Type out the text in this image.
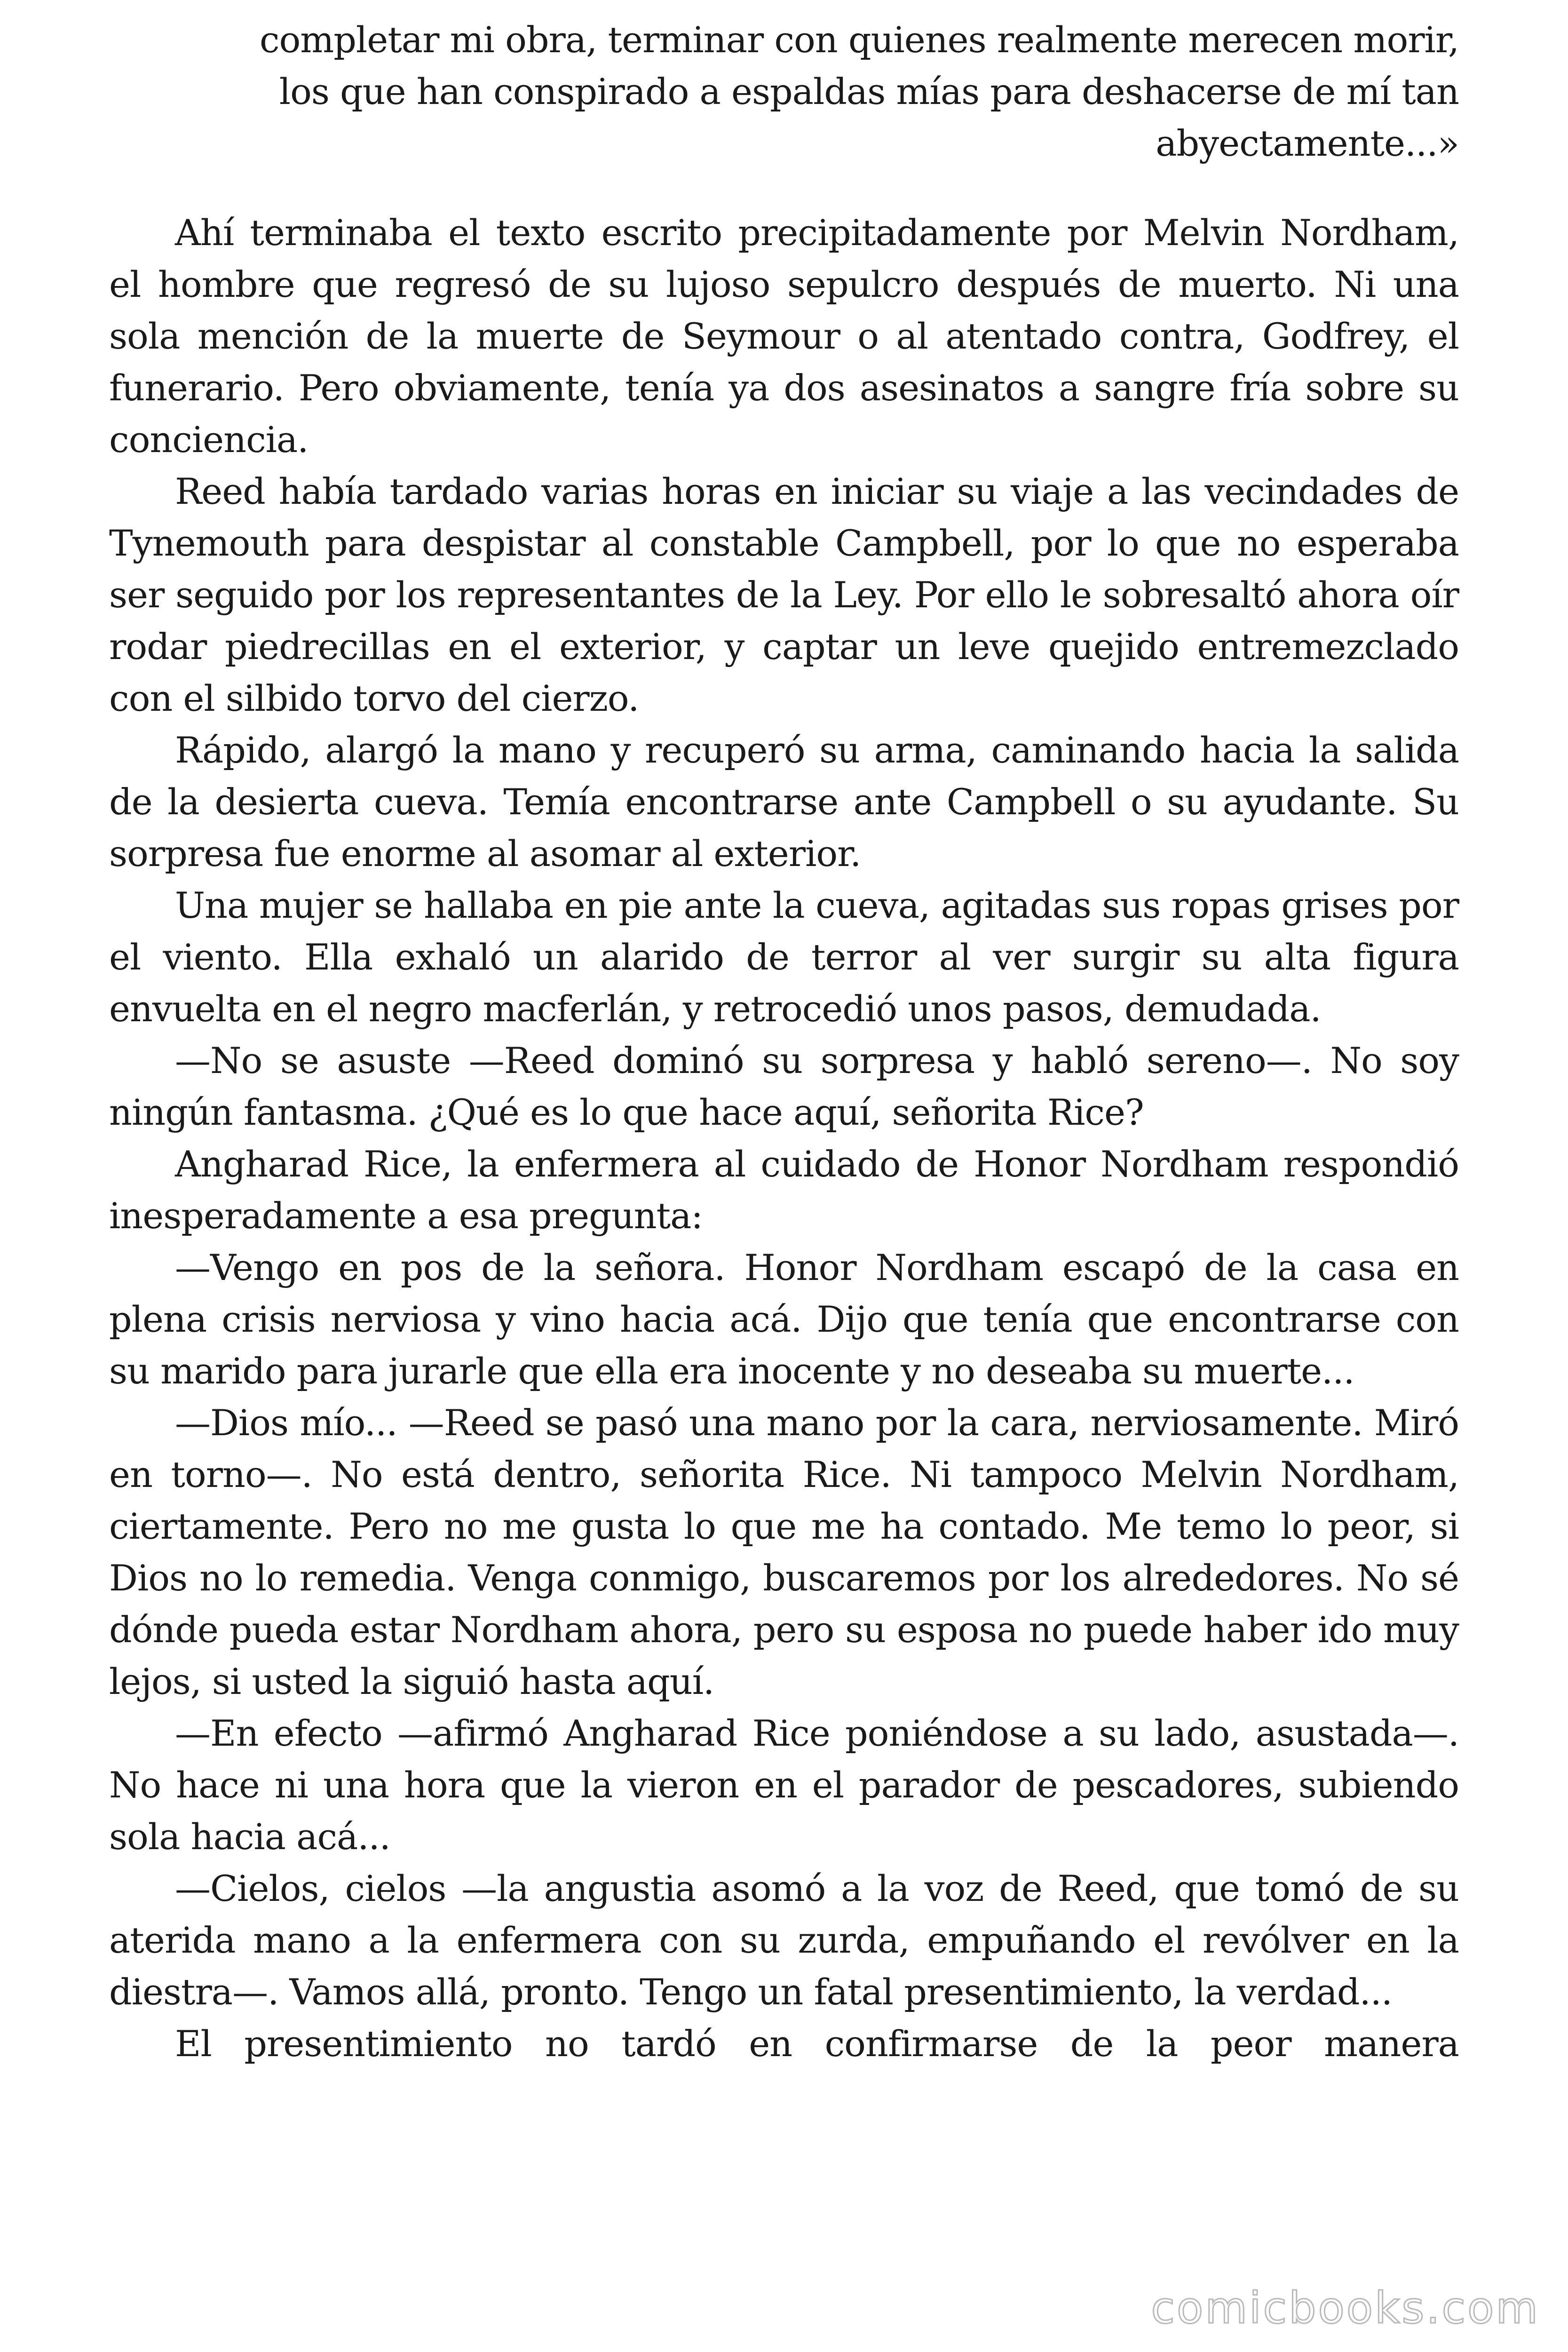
completar mi obra, terminar con quienes realmente merecen morir,
los que han conspirado a espaldas mías para deshacerse de mí tan
abyectamente...»

Ahí terminaba el texto escrito precipitadamente por Melvin Nordham, el hombre que regresó de su lujoso sepulcro después de muerto. Ni una sola mención de la muerte de Seymour o al atentado contra, Godfrey, el funerario. Pero obviamente, tenía ya dos asesinatos a sangre fría sobre su conciencia.

Reed había tardado varias horas en iniciar su viaje a las vecindades de Tynemouth para despistar al constable Campbell, por lo que no esperaba ser seguido por los representantes de la Ley. Por ello le sobresaltó ahora oír rodar piedrecillas en el exterior, y captar un leve quejido entremezclado con el silbido torvo del cierzo.

Rápido, alargó la mano y recuperó su arma, caminando hacia la salida de la desierta cueva. Temía encontrarse ante Campbell o su ayudante. Su sorpresa fue enorme al asomar al exterior.

Una mujer se hallaba en pie ante la cueva, agitadas sus ropas grises por el viento. Ella exhaló un alarido de terror al ver surgir su alta figura envuelta en el negro macferlán, y retrocedió unos pasos, demudada.

—No se asuste —Reed dominó su sorpresa y habló sereno—. No soy ningún fantasma. ¿Qué es lo que hace aquí, señorita Rice?

Angharad Rice, la enfermera al cuidado de Honor Nordham respondió inesperadamente a esa pregunta:

—Vengo en pos de la señora. Honor Nordham escapó de la casa en plena crisis nerviosa y vino hacia acá. Dijo que tenía que encontrarse con su marido para jurarle que ella era inocente y no deseaba su muerte...

—Dios mío... —Reed se pasó una mano por la cara, nerviosamente. Miró en torno—. No está dentro, señorita Rice. Ni tampoco Melvin Nordham, ciertamente. Pero no me gusta lo que me ha contado. Me temo lo peor, si Dios no lo remedia. Venga conmigo, buscaremos por los alrededores. No sé dónde pueda estar Nordham ahora, pero su esposa no puede haber ido muy lejos, si usted la siguió hasta aquí.

—En efecto —afirmó Angharad Rice poniéndose a su lado, asustada—. No hace ni una hora que la vieron en el parador de pescadores, subiendo sola hacia acá...

—Cielos, cielos —la angustia asomó a la voz de Reed, que tomó de su aterida mano a la enfermera con su zurda, empuñando el revólver en la diestra—. Vamos allá, pronto. Tengo un fatal presentimiento, la verdad...

El presentimiento no tardó en confirmarse de la peor manera

comicbooks.com
